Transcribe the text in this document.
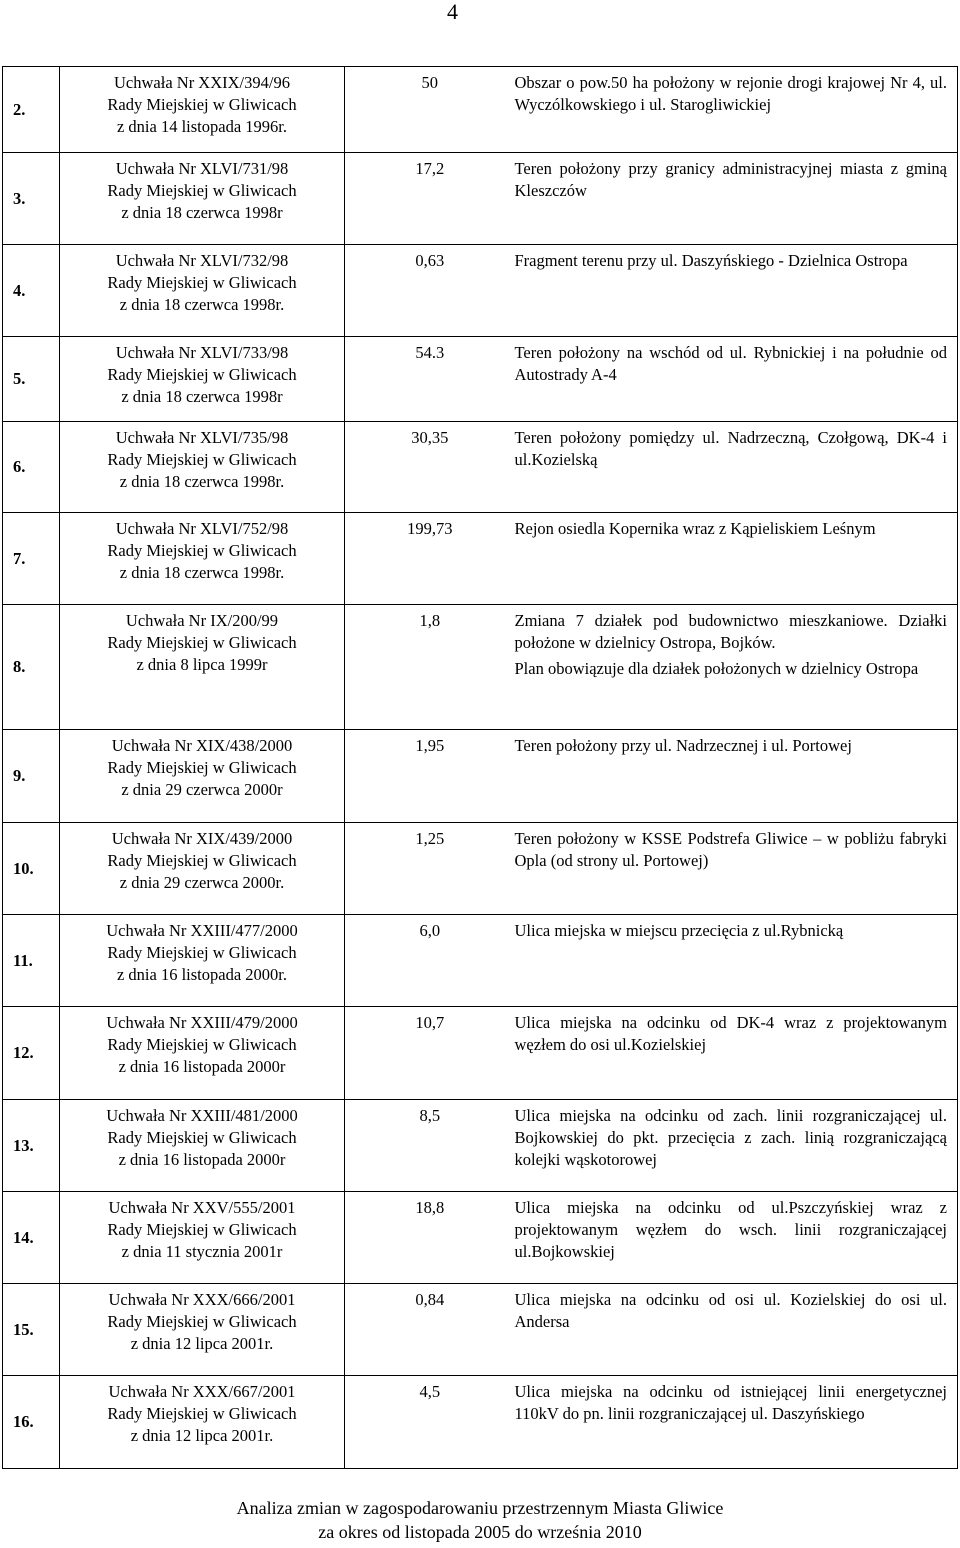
4
2.	Uchwała Nr XXIX/394/96
Rady Miejskiej w Gliwicach
z dnia 14 listopada 1996r.	50	Obszar o pow.50 ha położony w rejonie drogi krajowej Nr 4, ul. Wyczólkowskiego i ul. Starogliwickiej

3.	Uchwała Nr XLVI/731/98
Rady Miejskiej w Gliwicach
z dnia 18 czerwca 1998r	17,2	Teren położony przy granicy administracyjnej miasta z gminą Kleszczów

4.	Uchwała Nr XLVI/732/98
Rady Miejskiej w Gliwicach
z dnia 18 czerwca 1998r.	0,63	Fragment terenu przy ul. Daszyńskiego - Dzielnica Ostropa

5.	Uchwała Nr XLVI/733/98
Rady Miejskiej w Gliwicach
z dnia 18 czerwca 1998r	54.3	Teren położony na wschód od ul. Rybnickiej i na południe od Autostrady A-4

6.	Uchwała Nr XLVI/735/98
Rady Miejskiej w Gliwicach
z dnia 18 czerwca 1998r.	30,35	Teren położony pomiędzy ul. Nadrzeczną, Czołgową, DK-4 i ul.Kozielską

7.	Uchwała Nr XLVI/752/98
Rady Miejskiej w Gliwicach
z dnia 18 czerwca 1998r.	199,73	Rejon osiedla Kopernika wraz z Kąpieliskiem Leśnym

8.	Uchwała Nr IX/200/99
Rady Miejskiej w Gliwicach
z dnia 8 lipca 1999r	1,8	Zmiana 7 działek pod budownictwo mieszkaniowe. Działki położone w dzielnicy Ostropa, Bojków.
Plan obowiązuje dla działek położonych w dzielnicy Ostropa

9.	Uchwała Nr XIX/438/2000
Rady Miejskiej w Gliwicach
z dnia 29 czerwca 2000r	1,95	Teren położony przy ul. Nadrzecznej i ul. Portowej

10.	Uchwała Nr XIX/439/2000
Rady Miejskiej w Gliwicach
z dnia 29 czerwca 2000r.	1,25	Teren położony w KSSE Podstrefa Gliwice – w pobliżu fabryki Opla (od strony ul. Portowej)

11.	Uchwała Nr XXIII/477/2000
Rady Miejskiej w Gliwicach
z dnia 16 listopada 2000r.	6,0	Ulica miejska w miejscu przecięcia z ul.Rybnicką

12.	Uchwała Nr XXIII/479/2000
Rady Miejskiej w Gliwicach
z dnia 16 listopada 2000r	10,7	Ulica miejska na odcinku od DK-4 wraz z projektowanym węzłem do osi ul.Kozielskiej

13.	Uchwała Nr XXIII/481/2000
Rady Miejskiej w Gliwicach
z dnia 16 listopada 2000r	8,5	Ulica miejska na odcinku od zach. linii rozgraniczającej ul. Bojkowskiej do pkt. przecięcia z zach. linią rozgraniczającą kolejki wąskotorowej

14.	Uchwała Nr XXV/555/2001
Rady Miejskiej w Gliwicach
z dnia 11 stycznia 2001r	18,8	Ulica miejska na odcinku od ul.Pszczyńskiej wraz z projektowanym węzłem do wsch. linii rozgraniczającej ul.Bojkowskiej

15.	Uchwała Nr XXX/666/2001
Rady Miejskiej w Gliwicach
z dnia 12 lipca 2001r.	0,84	Ulica miejska na odcinku od osi ul. Kozielskiej do osi ul. Andersa

16.	Uchwała Nr XXX/667/2001
Rady Miejskiej w Gliwicach
z dnia 12 lipca 2001r.	4,5	Ulica miejska na odcinku od istniejącej linii energetycznej 110kV do pn. linii rozgraniczającej ul. Daszyńskiego
Analiza zmian w zagospodarowaniu przestrzennym Miasta Gliwice
za okres od listopada 2005 do września 2010
